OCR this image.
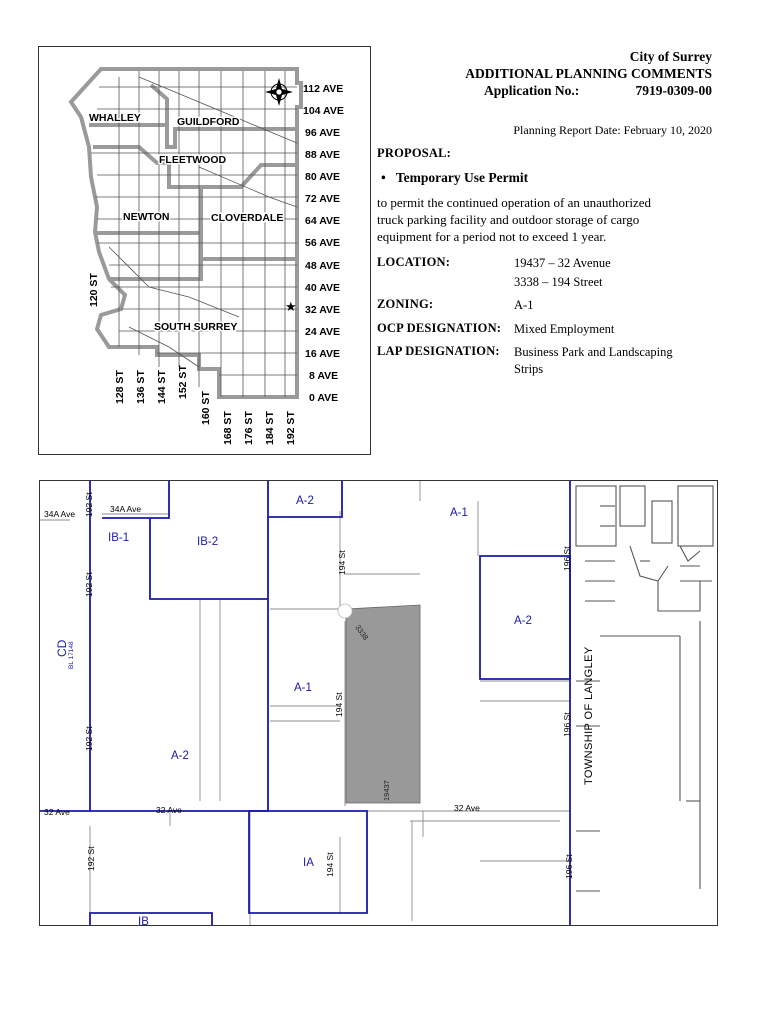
★
112 AVE
104 AVE
96 AVE
88 AVE
80 AVE
72 AVE
64 AVE
56 AVE
48 AVE
40 AVE
32 AVE
24 AVE
16 AVE
8 AVE
0 AVE
120 ST
128 ST 136 ST 144 ST 152 ST
160 ST
168 ST 176 ST 184 ST 192 ST
WHALLEY	GUILDFORD
FLEETWOOD
NEWTON	CLOVERDALE
SOUTH SURREY
City of Surrey
ADDITIONAL PLANNING COMMENTS
Application No.:	7919-0309-00
Planning Report Date: February 10, 2020
PROPOSAL:
• Temporary Use Permit
to permit the continued operation of an unauthorized
truck parking facility and outdoor storage of cargo
equipment for a period not to exceed 1 year.
LOCATION:	19437 – 32 Avenue
3338 – 194 Street
ZONING:	A-1
OCP DESIGNATION: Mixed Employment
LAP DESIGNATION: Business Park and Landscaping
Strips
A-2
A-1
IB-1	IB-2
A-2
A-1
A-2
IA
IB
CD BL 17148
34A Ave	34A Ave
192 St
192 St
192 St
192 St
194 St
194 St
194 St
196 St
196 St
196 St
32 Ave	32 Ave	32 Ave
3338
19437
TOWNSHIP OF LANGLEY
